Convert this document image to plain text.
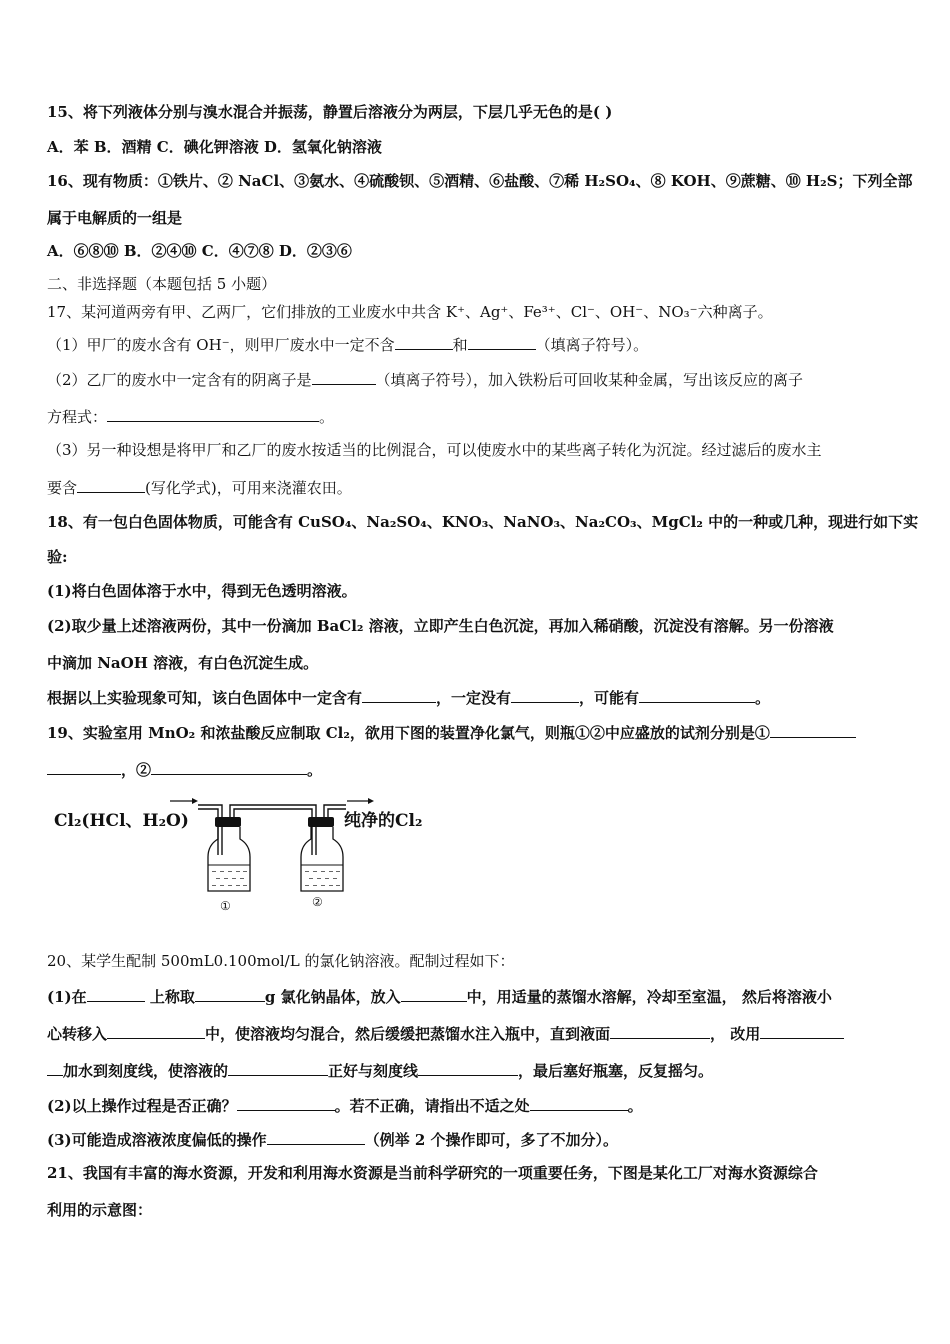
15、将下列液体分别与溴水混合并振荡，静置后溶液分为两层，下层几乎无色的是( )
A．苯 B．酒精 C．碘化钾溶液 D．氢氧化钠溶液
16、现有物质：①铁片、② NaCl、③氨水、④硫酸钡、⑤酒精、⑥盐酸、⑦稀 H₂SO₄、⑧ KOH、⑨蔗糖、⑩ H₂S；下列全部
属于电解质的一组是
A．⑥⑧⑩ B．②④⑩ C．④⑦⑧ D．②③⑥
二、非选择题（本题包括 5 小题）
17、某河道两旁有甲、乙两厂，它们排放的工业废水中共含 K⁺、Ag⁺、Fe³⁺、Cl⁻、OH⁻、NO₃⁻六种离子。
（1）甲厂的废水含有 OH⁻，则甲厂废水中一定不含	和	（填离子符号）。
（2）乙厂的废水中一定含有的阴离子是	（填离子符号），加入铁粉后可回收某种金属，写出该反应的离子
方程式：	。
（3）另一种设想是将甲厂和乙厂的废水按适当的比例混合，可以使废水中的某些离子转化为沉淀。经过滤后的废水主
要含	(写化学式)，可用来浇灌农田。
18、有一包白色固体物质，可能含有 CuSO₄、Na₂SO₄、KNO₃、NaNO₃、Na₂CO₃、MgCl₂ 中的一种或几种，现进行如下实
验:
(1)将白色固体溶于水中，得到无色透明溶液。
(2)取少量上述溶液两份，其中一份滴加 BaCl₂ 溶液，立即产生白色沉淀，再加入稀硝酸，沉淀没有溶解。另一份溶液
中滴加 NaOH 溶液，有白色沉淀生成。
根据以上实验现象可知，该白色固体中一定含有	，一定没有	，可能有	。
19、实验室用 MnO₂ 和浓盐酸反应制取 Cl₂，欲用下图的装置净化氯气，则瓶①②中应盛放的试剂分别是①
，②	。
Cl₂(HCl、H₂O)	纯净的Cl₂
①	②
20、某学生配制 500mL0.100mol/L 的氯化钠溶液。配制过程如下：
(1)在	上称取	g 氯化钠晶体，放入	中，用适量的蒸馏水溶解，冷却至室温， 然后将溶液小
心转移入	中，使溶液均匀混合，然后缓缓把蒸馏水注入瓶中，直到液面	， 改用
加水到刻度线，使溶液的	正好与刻度线	，最后塞好瓶塞，反复摇匀。
(2)以上操作过程是否正确？	。若不正确，请指出不适之处	。
(3)可能造成溶液浓度偏低的操作	（例举 2 个操作即可，多了不加分）。
21、我国有丰富的海水资源，开发和利用海水资源是当前科学研究的一项重要任务，下图是某化工厂对海水资源综合
利用的示意图：
